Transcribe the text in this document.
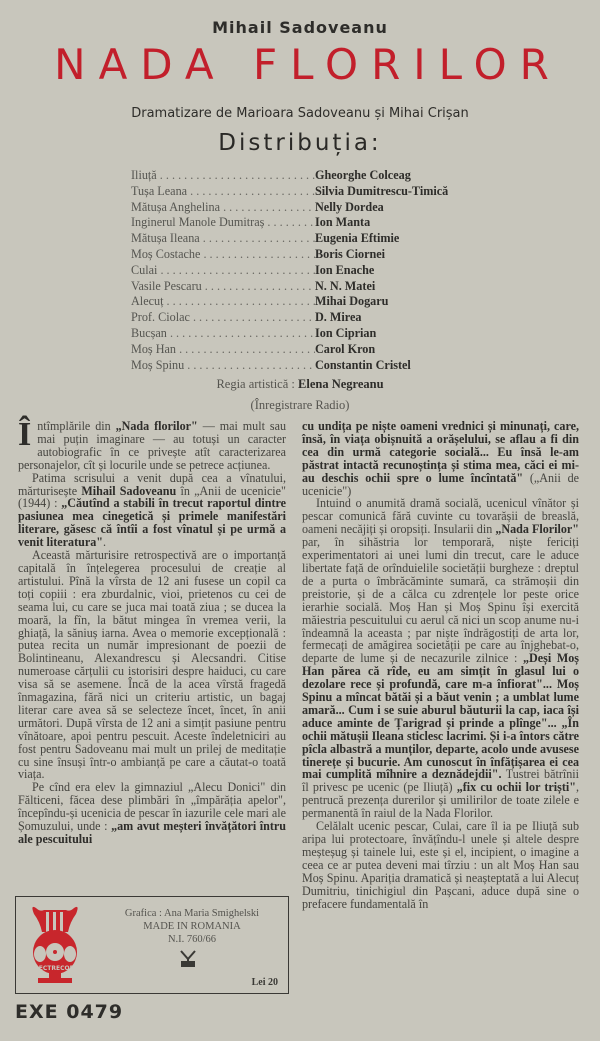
Mihail Sadoveanu
NADA FLORILOR
Dramatizare de Marioara Sadoveanu și Mihai Crișan
Distribuția:
Iliuță . . .	Gheorghe Colceag
Tușa Leana . . .	Silvia Dumitrescu-Timică
Mătușa Anghelina . . .	Nelly Dordea
Inginerul Manole Dumitraș . . .	Ion Manta
Mătușa Ileana . . .	Eugenia Eftimie
Moș Costache . . .	Boris Ciornei
Culai . . .	Ion Enache
Vasile Pescaru . . .	N. N. Matei
Alecuț . . .	Mihai Dogaru
Prof. Ciolac . . .	D. Mirea
Bucșan . . .	Ion Ciprian
Moș Han . . .	Carol Kron
Moș Spinu . . .	Constantin Cristel
Regia artistică : Elena Negreanu
(Înregistrare Radio)

Întîmplările din „Nada florilor" — mai mult sau mai puțin imaginare — au totuși un caracter autobiografic în ce privește atît caracterizarea personajelor, cît și locurile unde se petrece acțiunea.

Patima scrisului a venit după cea a vînatului, mărturisește Mihail Sadoveanu în „Anii de ucenicie" (1944) : „Căutînd a stabili în trecut raportul dintre pasiunea mea cinegetică și primele manifestări literare, găsesc că întîi a fost vînatul și pe urmă a venit literatura".

Această mărturisire retrospectivă are o importanță capitală în înțelegerea procesului de creație al artistului. Pînă la vîrsta de 12 ani fusese un copil ca toți copiii : era zburdalnic, vioi, prietenos cu cei de seama lui, cu care se juca mai toată ziua ; se ducea la moară, la fîn, la bătut mingea în vremea verii, la ghiață, la săniuș iarna. Avea o memorie excepțională : putea recita un număr impresionant de poezii de Bolintineanu, Alexandrescu și Alecsandri. Citise numeroase cărțulii cu istorisiri despre haiduci, cu care visa să se asemene. Încă de la acea vîrstă fragedă înmagazina, fără nici un criteriu artistic, un bagaj literar care avea să se selecteze încet, încet, în anii următori. După vîrsta de 12 ani a simțit pasiune pentru vînătoare, apoi pentru pescuit. Aceste îndeletniciri au fost pentru Sadoveanu mai mult un prilej de meditație cu sine însuși într-o ambianță pe care a căutat-o toată viața.

Pe cînd era elev la gimnaziul „Alecu Donici" din Fălticeni, făcea dese plimbări în „împărăția apelor", începîndu-și ucenicia de pescar în iazurile cele mari ale Șomuzului, unde : „am avut meșteri învățători întru ale pescuitului

cu undița pe niște oameni vrednici și minunați, care, însă, în viața obișnuită a orășelului, se aflau a fi din cea din urmă categorie socială... Eu însă le-am păstrat intactă recunoștința și stima mea, căci ei mi-au deschis ochii spre o lume încîntată" („Anii de ucenicie")

Intuind o anumită dramă socială, ucenicul vînător și pescar comunică fără cuvinte cu tovarășii de breaslă, oameni necăjiți și oropsiți. Insularii din „Nada Florilor" par, în sihăstria lor temporară, niște fericiți experimentatori ai unei lumi din trecut, care le aduce libertate față de orînduielile societății burgheze : dreptul de a purta o îmbrăcăminte sumară, ca strămoșii din preistorie, și de a călca cu zdrențele lor peste orice ierarhie socială. Moș Han și Moș Spinu își exercită măiestria pescuitului cu aerul că nici un scop anume nu-i îndeamnă la aceasta ; par niște îndrăgostiți de arta lor, fermecați de amăgirea societății pe care au înjghebat-o, departe de lume și de necazurile zilnice : „Deși Moș Han părea că rîde, eu am simțit în glasul lui o dezolare rece și profundă, care m-a înfiorat"... Moș Spinu a mîncat bătăi și a băut venin ; a umblat lume amară... Cum i se suie aburul băuturii la cap, iaca își aduce aminte de Țarigrad și prinde a plînge"... „În ochii mătușii Ileana sticlesc lacrimi. Și i-a întors către pîcla albastră a munților, departe, acolo unde avusese tinerețe și bucurie. Am cunoscut în înfățișarea ei cea mai cumplită mîhnire a deznădejdii". Tustrei bătrînii îl privesc pe ucenic (pe Iliuță) „fix cu ochii lor triști", pentrucă prezența durerilor și umilirilor de toate zilele e permanentă în raiul de la Nada Florilor.

Celălalt ucenic pescar, Culai, care îl ia pe Iliuță sub aripa lui protectoare, învățîndu-l unele și altele despre meșteșug și tainele lui, este și el, incipient, o imagine a ceea ce ar putea deveni mai tîrziu : un alt Moș Han sau Moș Spinu. Apariția dramatică și neașteptată a lui Alecuț Dumitriu, tinichigiul din Pașcani, aduce după sine o prefacere fundamentală în

ELECTRECORD
Grafica : Ana Maria Smighelski
MADE IN ROMANIA
N.I. 760/66
Lei 20
EXE 0479
